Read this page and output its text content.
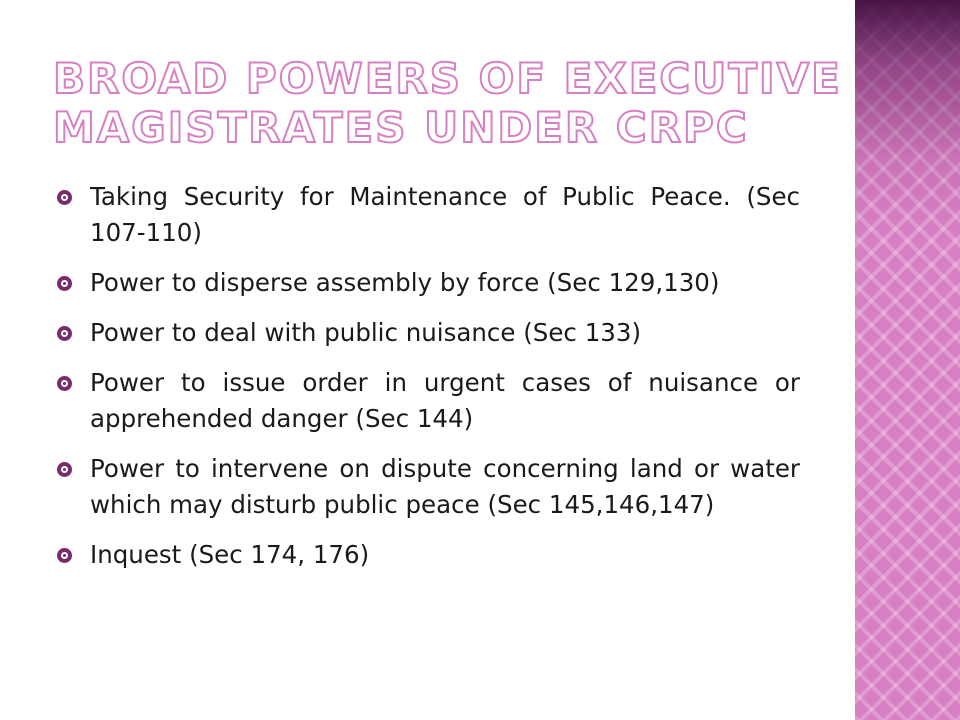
BROAD POWERS OF EXECUTIVE MAGISTRATES UNDER CRPC
Taking Security for Maintenance of Public Peace. (Sec 107-110)
Power to disperse assembly by force (Sec 129,130)
Power to deal with public nuisance (Sec 133)
Power to issue order in urgent cases of nuisance or apprehended danger (Sec 144)
Power to intervene on dispute concerning land or water which may disturb public peace (Sec 145,146,147)
Inquest (Sec 174, 176)
